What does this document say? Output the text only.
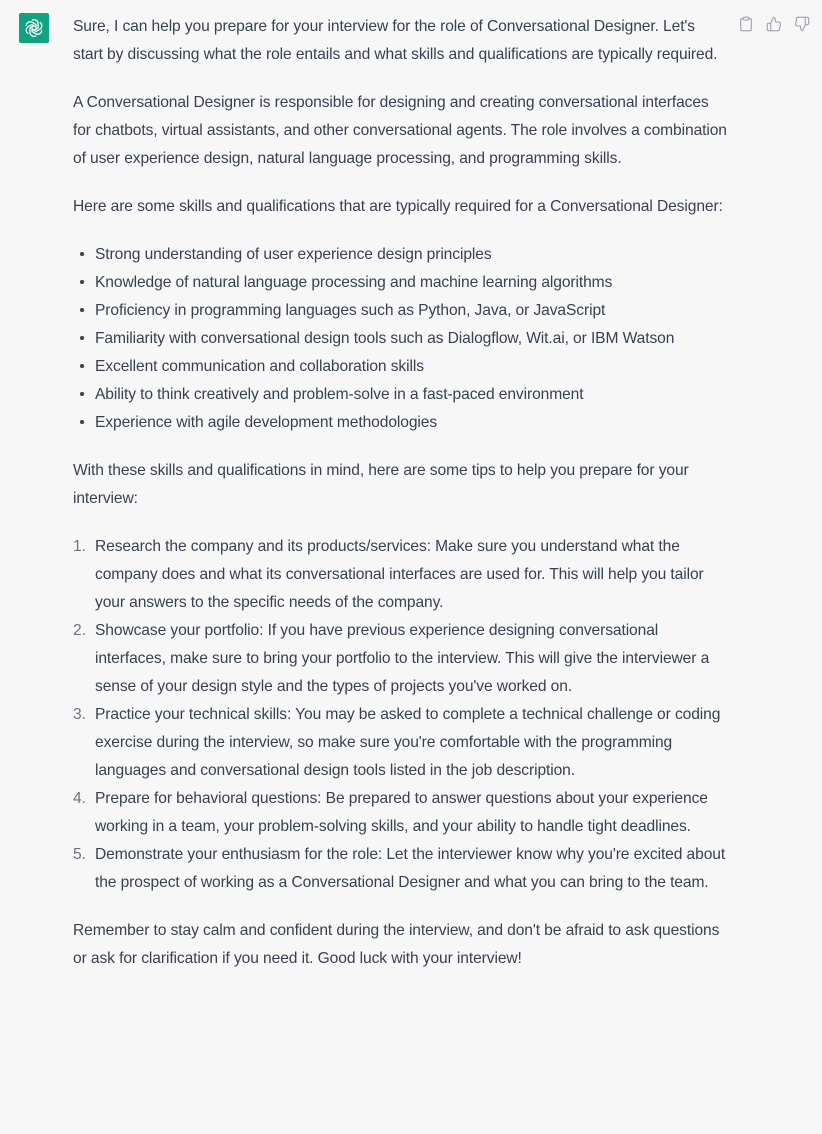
Sure, I can help you prepare for your interview for the role of Conversational Designer. Let's start by discussing what the role entails and what skills and qualifications are typically required.

A Conversational Designer is responsible for designing and creating conversational interfaces for chatbots, virtual assistants, and other conversational agents. The role involves a combination of user experience design, natural language processing, and programming skills.

Here are some skills and qualifications that are typically required for a Conversational Designer:

Strong understanding of user experience design principles
Knowledge of natural language processing and machine learning algorithms
Proficiency in programming languages such as Python, Java, or JavaScript
Familiarity with conversational design tools such as Dialogflow, Wit.ai, or IBM Watson
Excellent communication and collaboration skills
Ability to think creatively and problem-solve in a fast-paced environment
Experience with agile development methodologies

With these skills and qualifications in mind, here are some tips to help you prepare for your interview:

1. Research the company and its products/services: Make sure you understand what the company does and what its conversational interfaces are used for. This will help you tailor your answers to the specific needs of the company.
2. Showcase your portfolio: If you have previous experience designing conversational interfaces, make sure to bring your portfolio to the interview. This will give the interviewer a sense of your design style and the types of projects you've worked on.
3. Practice your technical skills: You may be asked to complete a technical challenge or coding exercise during the interview, so make sure you're comfortable with the programming languages and conversational design tools listed in the job description.
4. Prepare for behavioral questions: Be prepared to answer questions about your experience working in a team, your problem-solving skills, and your ability to handle tight deadlines.
5. Demonstrate your enthusiasm for the role: Let the interviewer know why you're excited about the prospect of working as a Conversational Designer and what you can bring to the team.

Remember to stay calm and confident during the interview, and don't be afraid to ask questions or ask for clarification if you need it. Good luck with your interview!
